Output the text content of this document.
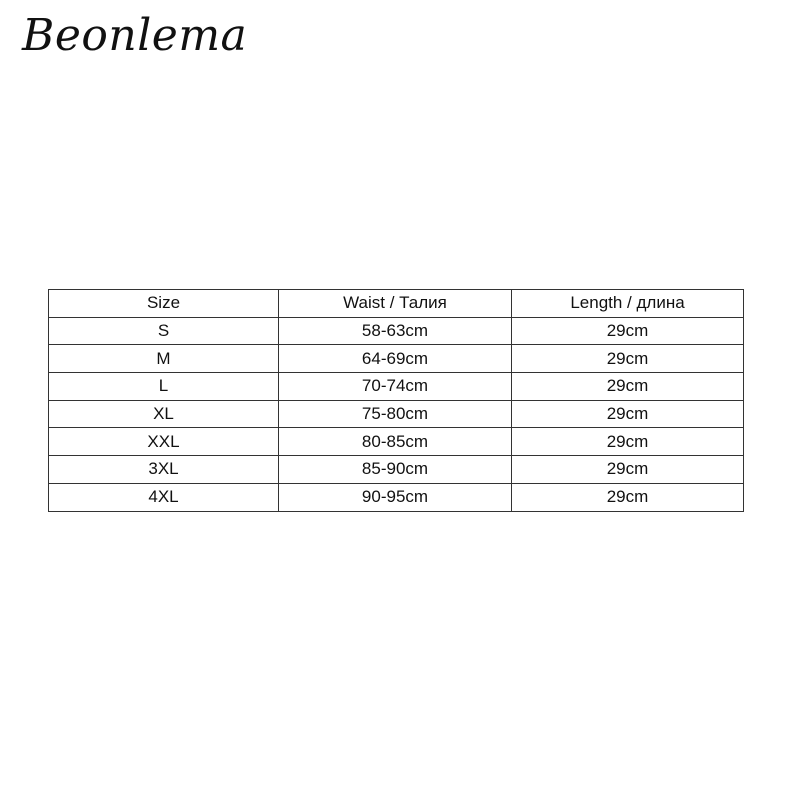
Beonlema
Size	Waist / Талия	Length / длина
S	58-63cm	29cm
M	64-69cm	29cm
L	70-74cm	29cm
XL	75-80cm	29cm
XXL	80-85cm	29cm
3XL	85-90cm	29cm
4XL	90-95cm	29cm
